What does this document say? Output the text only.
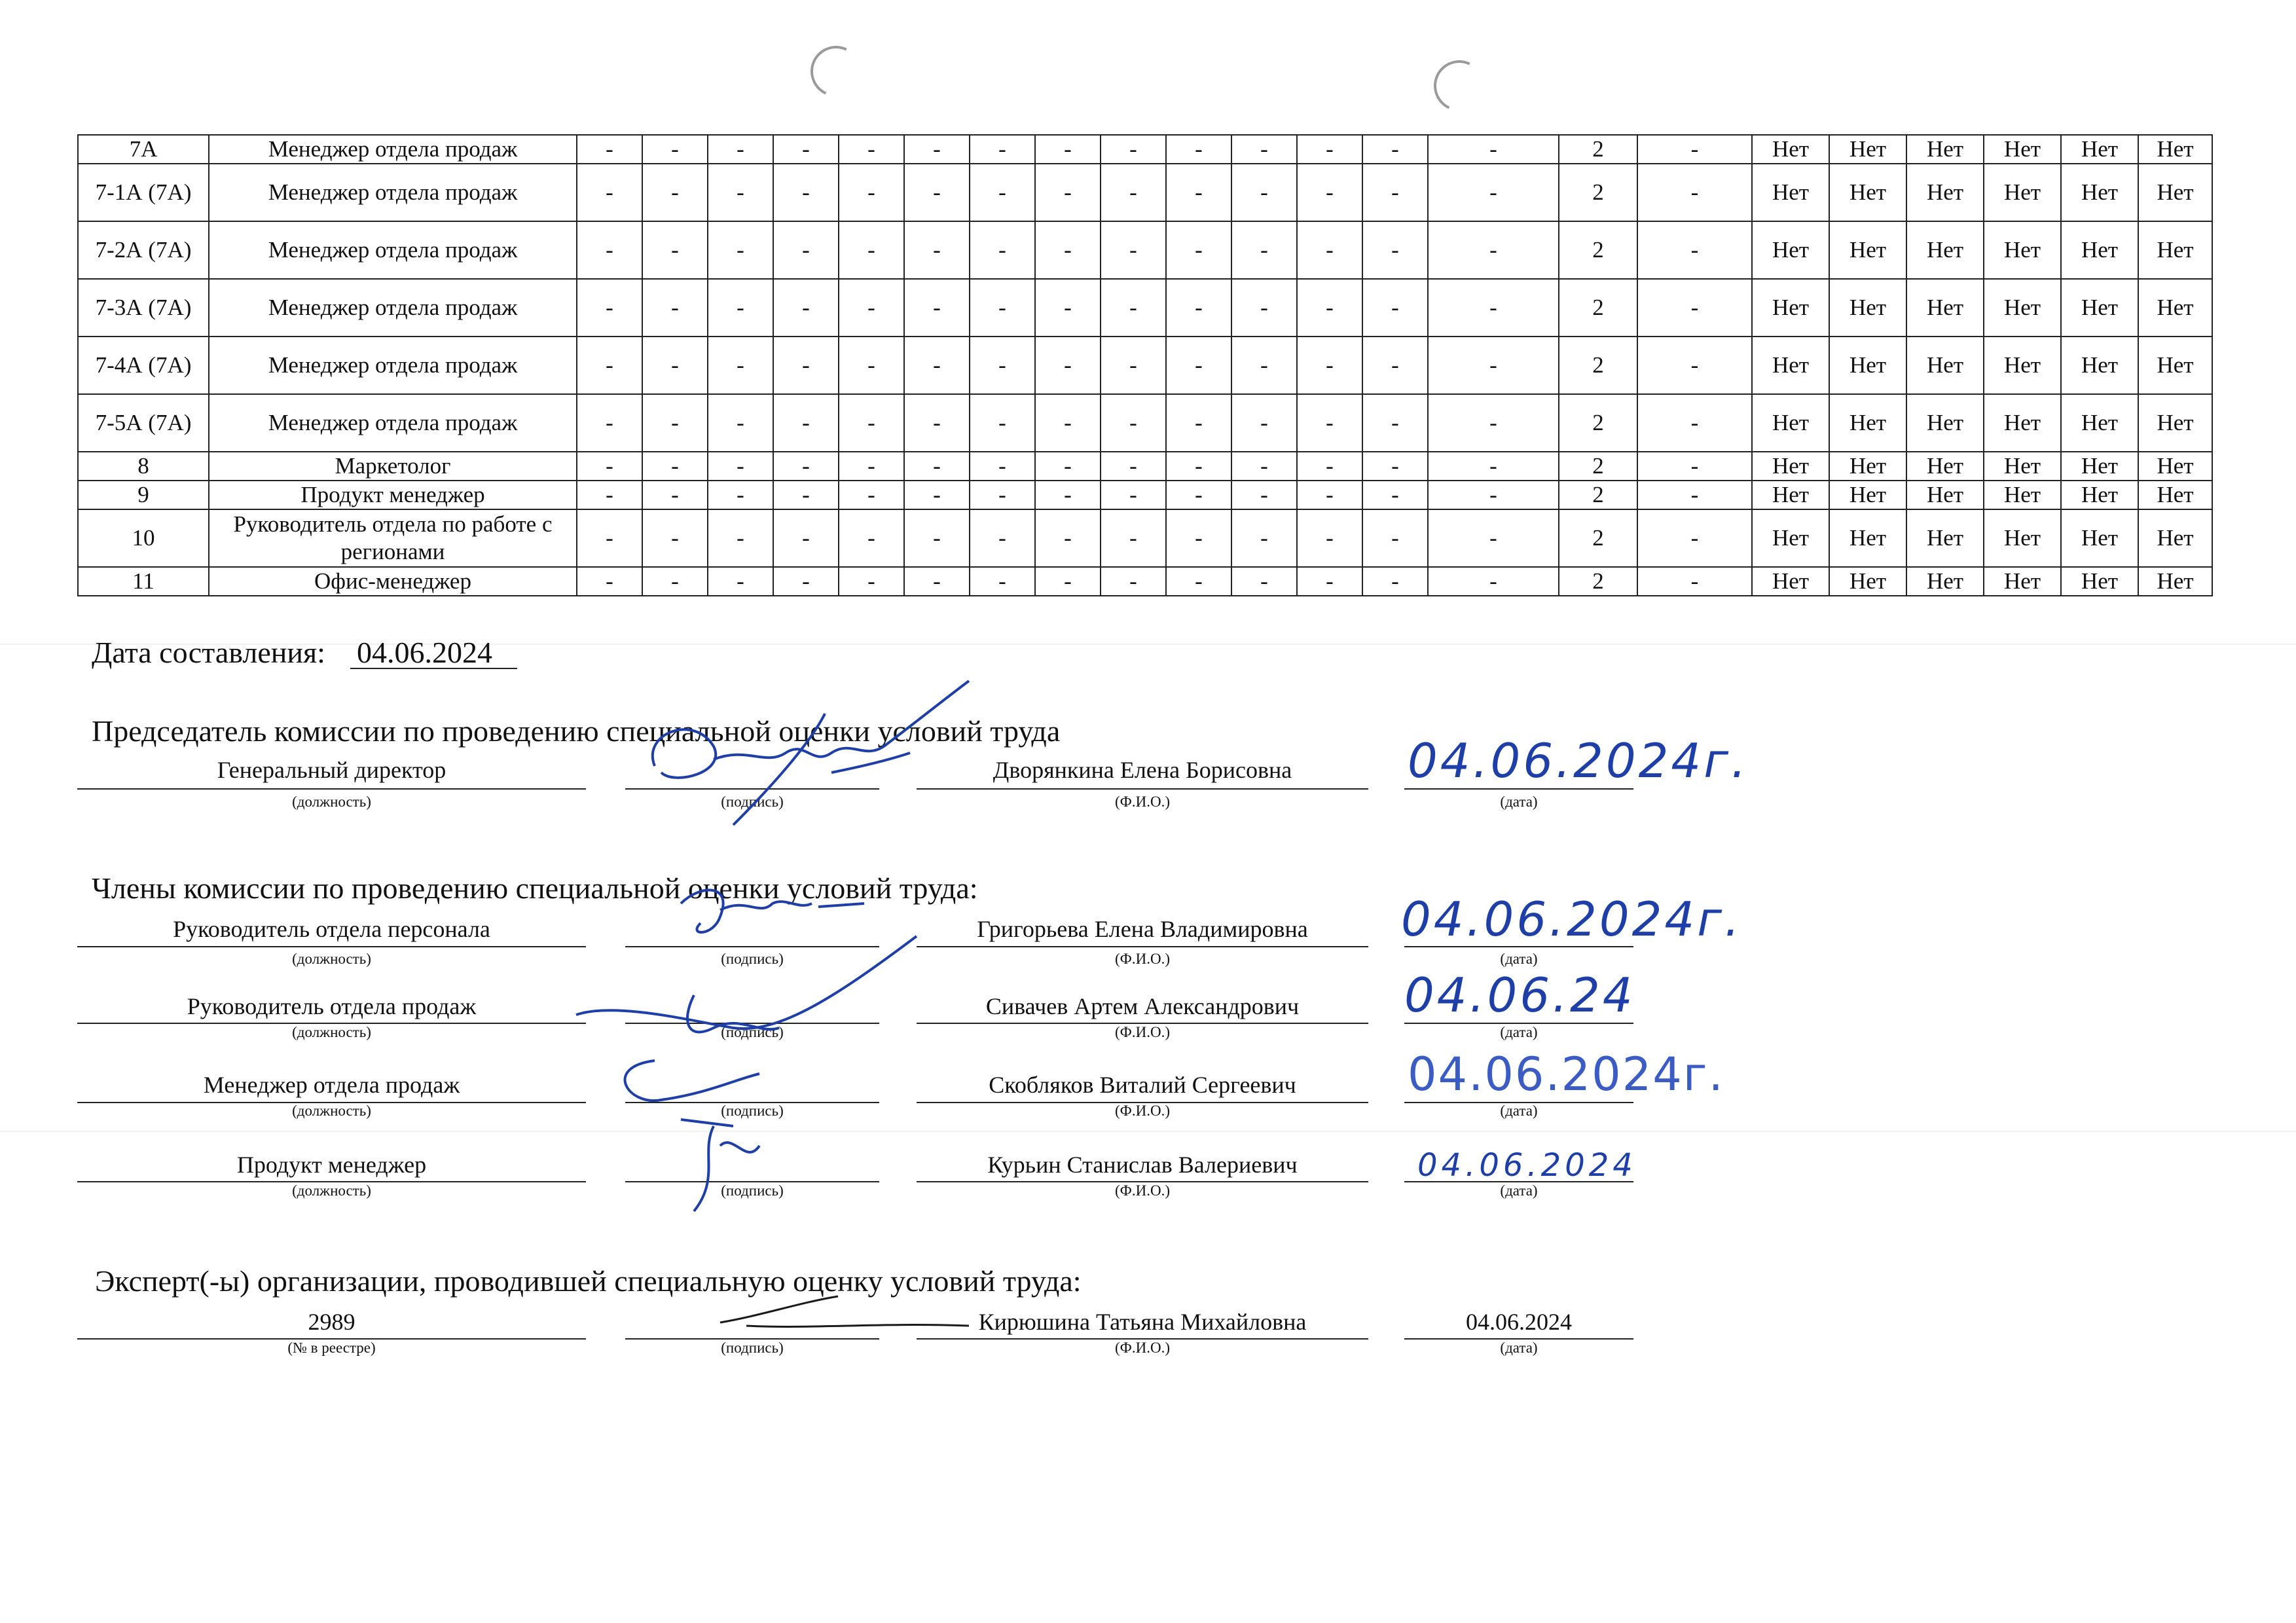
7А	Менеджер отдела продаж	-	-	-	-	-	-	-	-	-	-	-	-	-	-	2	-	Нет	Нет	Нет	Нет	Нет	Нет
7-1А (7А)	Менеджер отдела продаж	-	-	-	-	-	-	-	-	-	-	-	-	-	-	2	-	Нет	Нет	Нет	Нет	Нет	Нет
7-2А (7А)	Менеджер отдела продаж	-	-	-	-	-	-	-	-	-	-	-	-	-	-	2	-	Нет	Нет	Нет	Нет	Нет	Нет
7-3А (7А)	Менеджер отдела продаж	-	-	-	-	-	-	-	-	-	-	-	-	-	-	2	-	Нет	Нет	Нет	Нет	Нет	Нет
7-4А (7А)	Менеджер отдела продаж	-	-	-	-	-	-	-	-	-	-	-	-	-	-	2	-	Нет	Нет	Нет	Нет	Нет	Нет
7-5А (7А)	Менеджер отдела продаж	-	-	-	-	-	-	-	-	-	-	-	-	-	-	2	-	Нет	Нет	Нет	Нет	Нет	Нет
8	Маркетолог	-	-	-	-	-	-	-	-	-	-	-	-	-	-	2	-	Нет	Нет	Нет	Нет	Нет	Нет
9	Продукт менеджер	-	-	-	-	-	-	-	-	-	-	-	-	-	-	2	-	Нет	Нет	Нет	Нет	Нет	Нет
10	Руководитель отдела по работе с регионами	-	-	-	-	-	-	-	-	-	-	-	-	-	-	2	-	Нет	Нет	Нет	Нет	Нет	Нет
11	Офис-менеджер	-	-	-	-	-	-	-	-	-	-	-	-	-	-	2	-	Нет	Нет	Нет	Нет	Нет	Нет
Дата составления: 04.06.2024
Председатель комиссии по проведению специальной оценки условий труда
Генеральный директор	Дворянкина Елена Борисовна	04.06.2024г.
(должность)	(подпись)	(Ф.И.О.)	(дата)
Члены комиссии по проведению специальной оценки условий труда:
Руководитель отдела персонала	Григорьева Елена Владимировна	04.06.2024г.
(должность)	(подпись)	(Ф.И.О.)	(дата)
Руководитель отдела продаж	Сивачев Артем Александрович	04.06.24
(должность)	(подпись)	(Ф.И.О.)	(дата)
Менеджер отдела продаж	Скобляков Виталий Сергеевич	04.06.2024г.
(должность)	(подпись)	(Ф.И.О.)	(дата)
Продукт менеджер	Курьин Станислав Валериевич	04.06.2024
(должность)	(подпись)	(Ф.И.О.)	(дата)
Эксперт(-ы) организации, проводившей специальную оценку условий труда:
2989	Кирюшина Татьяна Михайловна	04.06.2024
(№ в реестре)	(подпись)	(Ф.И.О.)	(дата)
